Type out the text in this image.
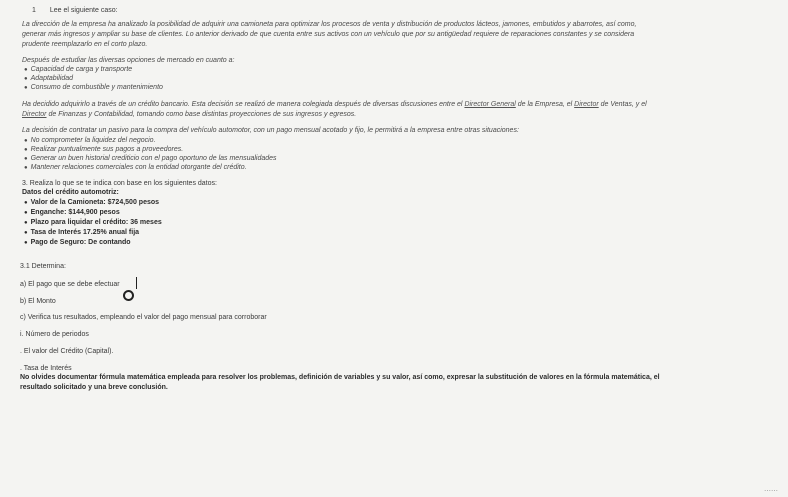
1 Lee el siguiente caso:
La dirección de la empresa ha analizado la posibilidad de adquirir una camioneta para optimizar los procesos de venta y distribución de productos lácteos, jamones, embutidos y abarrotes, así como,
generar más ingresos y ampliar su base de clientes. Lo anterior derivado de que cuenta entre sus activos con un vehículo que por su antigüedad requiere de reparaciones constantes y se considera
prudente reemplazarlo en el corto plazo.
Después de estudiar las diversas opciones de mercado en cuanto a:
● Capacidad de carga y transporte
● Adaptabilidad
● Consumo de combustible y mantenimiento
Ha decidido adquirirlo a través de un crédito bancario. Esta decisión se realizó de manera colegiada después de diversas discusiones entre el Director General de la Empresa, el Director de Ventas, y el
Director de Finanzas y Contabilidad, tomando como base distintas proyecciones de sus ingresos y egresos.
La decisión de contratar un pasivo para la compra del vehículo automotor, con un pago mensual acotado y fijo, le permitirá a la empresa entre otras situaciones:
● No comprometer la liquidez del negocio.
● Realizar puntualmente sus pagos a proveedores.
● Generar un buen historial crediticio con el pago oportuno de las mensualidades
● Mantener relaciones comerciales con la entidad otorgante del crédito.
3. Realiza lo que se te indica con base en los siguientes datos:
Datos del crédito automotriz:
● Valor de la Camioneta: $724,500 pesos
● Enganche: $144,900 pesos
● Plazo para liquidar el crédito: 36 meses
● Tasa de Interés 17.25% anual fija
● Pago de Seguro: De contando
3.1 Determina:
a) El pago que se debe efectuar
b) El Monto
c) Verifica tus resultados, empleando el valor del pago mensual para corroborar
i. Número de periodos
. El valor del Crédito (Capital).
. Tasa de Interés
No olvides documentar fórmula matemática empleada para resolver los problemas, definición de variables y su valor, así como, expresar la substitución de valores en la fórmula matemática, el
resultado solicitado y una breve conclusión.
⋯⋯
